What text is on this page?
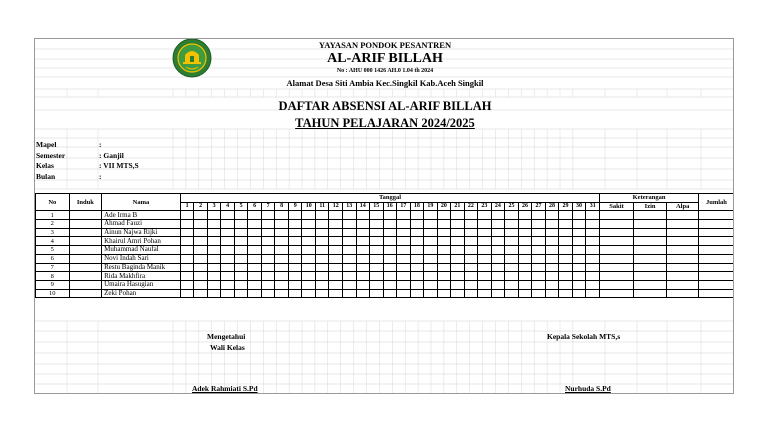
YAYASAN PONDOK PESANTREN
AL-ARIF BILLAH
No : AHU 000 1426 AH.0 1.04 th 2024
Alamat Desa Siti Ambia Kec.Singkil Kab.Aceh Singkil
DAFTAR ABSENSI AL-ARIF BILLAH
TAHUN PELAJARAN 2024/2025
Mapel	:
Semester	: Ganjil
Kelas	: VII MTS,S
Bulan	:
No	Induk	Nama	Tanggal																															Keterangan			Jumlah
			1	2	3	4	5	6	7	8	9	10	11	12	13	14	15	16	17	18	19	20	21	22	23	24	25	26	27	28	29	30	31	Sakit	Izin	Alpa	
1		Ade Irma B																																			
2		Ahmad Fauzi																																			
3		Ainun Najwa Rijki																																			
4		Khairul Amri Pohan																																			
5		Muhammad Naufal																																			
6		Novi Indah Sari																																			
7		Restu Baginda Manik																																			
8		Rida Makhfira																																			
9		Umaira Hasugian																																			
10		Zeki Pohan																																			
Mengetahui
Wali Kelas
Adek Rahmiati S.Pd
Kepala Sekolah MTS,s
Nurhuda S.Pd
